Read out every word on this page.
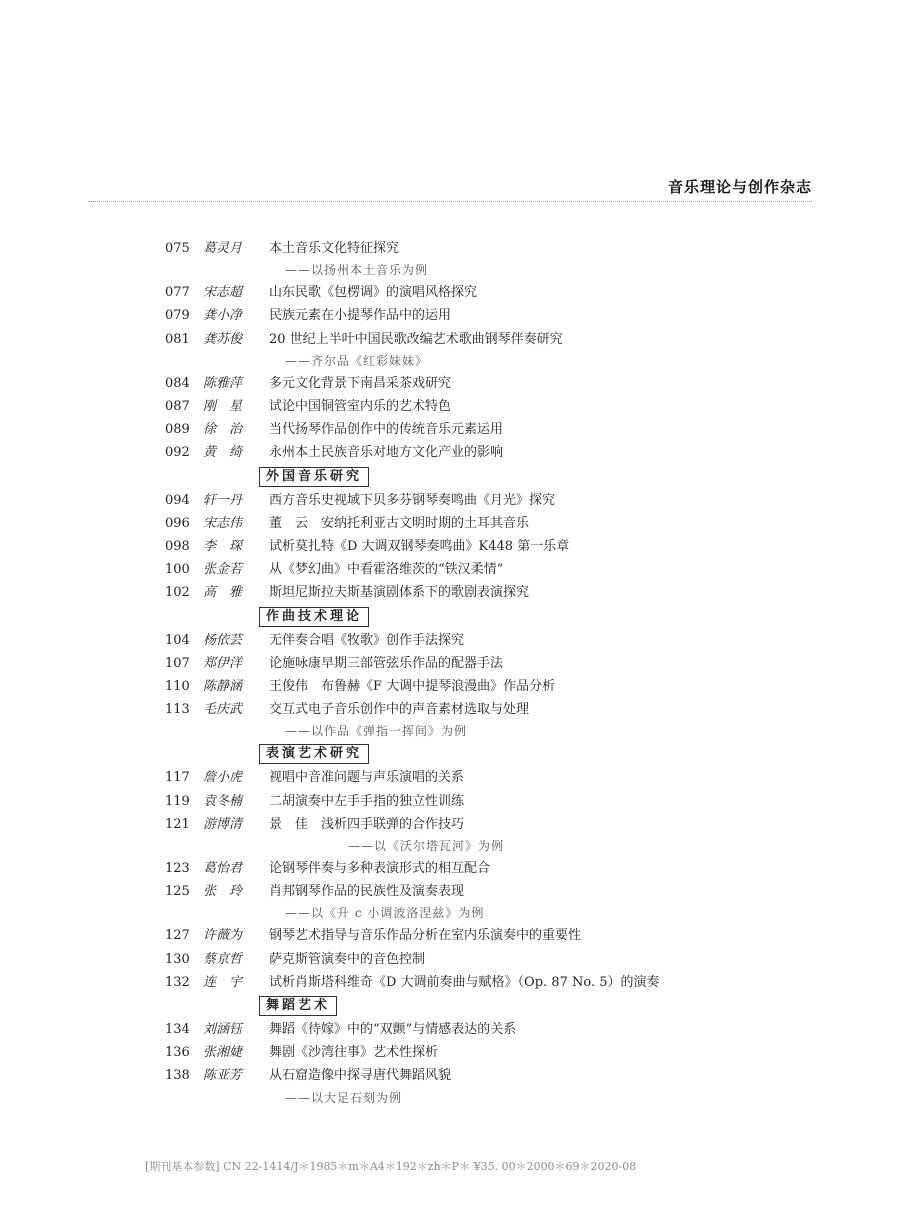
音乐理论与创作杂志
075	葛灵月	本土音乐文化特征探究
——以扬州本土音乐为例
077	宋志超	山东民歌《包楞调》的演唱风格探究
079	龚小净	民族元素在小提琴作品中的运用
081	龚苏俊	20 世纪上半叶中国民歌改编艺术歌曲钢琴伴奏研究
——齐尔品《红彩妹妹》
084	陈雅萍	多元文化背景下南昌采茶戏研究
087	刚　星	试论中国铜管室内乐的艺术特色
089	徐　治	当代扬琴作品创作中的传统音乐元素运用
092	黄　绮	永州本土民族音乐对地方文化产业的影响
外国音乐研究
094	轩一丹	西方音乐史视域下贝多芬钢琴奏鸣曲《月光》探究
096	宋志伟	董　云　安纳托利亚古文明时期的土耳其音乐
098	李　琛	试析莫扎特《D 大调双钢琴奏鸣曲》K448 第一乐章
100	张金若	从《梦幻曲》中看霍洛维茨的“铁汉柔情”
102	高　雅	斯坦尼斯拉夫斯基演剧体系下的歌剧表演探究
作曲技术理论
104	杨依芸	无伴奏合唱《牧歌》创作手法探究
107	郑伊洋	论施咏康早期三部管弦乐作品的配器手法
110	陈静涵	王俊伟　布鲁赫《F 大调中提琴浪漫曲》作品分析
113	毛庆武	交互式电子音乐创作中的声音素材选取与处理
——以作品《弹指一挥间》为例
表演艺术研究
117	詹小虎	视唱中音准问题与声乐演唱的关系
119	袁冬楠	二胡演奏中左手手指的独立性训练
121	游博清	景　佳　浅析四手联弹的合作技巧
——以《沃尔塔瓦河》为例
123	葛怡君	论钢琴伴奏与多种表演形式的相互配合
125	张　玲	肖邦钢琴作品的民族性及演奏表现
——以《升 c 小调波洛涅兹》为例
127	许薇为	钢琴艺术指导与音乐作品分析在室内乐演奏中的重要性
130	蔡京哲	萨克斯管演奏中的音色控制
132	连　宇	试析肖斯塔科维奇《D 大调前奏曲与赋格》（Op. 87 No. 5）的演奏
舞蹈艺术
134	刘涵钰	舞蹈《待嫁》中的“双颤”与情感表达的关系
136	张湘婕	舞剧《沙湾往事》艺术性探析
138	陈亚芳	从石窟造像中探寻唐代舞蹈风貌
——以大足石刻为例
[期刊基本参数] CN 22-1414/J＊1985＊m＊A4＊192＊zh＊P＊ ¥35. 00＊2000＊69＊2020-08
